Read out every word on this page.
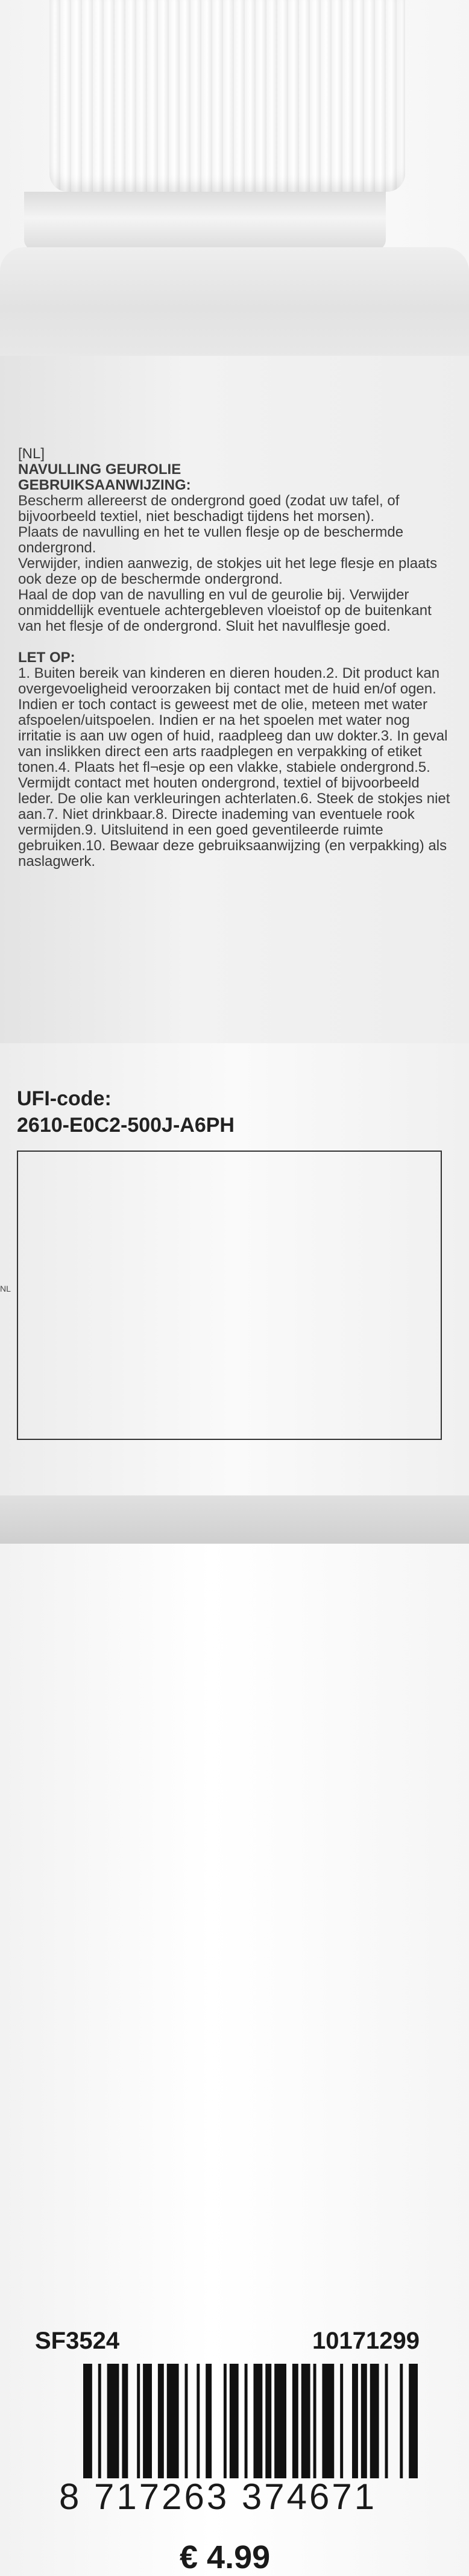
[NL]

NAVULLING GEUROLIE

GEBRUIKSAANWIJZING:

Bescherm allereerst de ondergrond goed (zodat uw tafel, of

bijvoorbeeld textiel, niet beschadigt tijdens het morsen).

Plaats de navulling en het te vullen flesje op de beschermde

ondergrond.

Verwijder, indien aanwezig, de stokjes uit het lege flesje en plaats

ook deze op de beschermde ondergrond.

Haal de dop van de navulling en vul de geurolie bij. Verwijder

onmiddellijk eventuele achtergebleven vloeistof op de buitenkant

van het flesje of de ondergrond. Sluit het navulflesje goed.

LET OP:

1. Buiten bereik van kinderen en dieren houden.2. Dit product kan

overgevoeligheid veroorzaken bij contact met de huid en/of ogen.

Indien er toch contact is geweest met de olie, meteen met water

afspoelen/uitspoelen. Indien er na het spoelen met water nog

irritatie is aan uw ogen of huid, raadpleeg dan uw dokter.3. In geval

van inslikken direct een arts raadplegen en verpakking of etiket

tonen.4. Plaats het fl¬esje op een vlakke, stabiele ondergrond.5.

Vermijdt contact met houten ondergrond, textiel of bijvoorbeeld

leder. De olie kan verkleuringen achterlaten.6. Steek de stokjes niet

aan.7. Niet drinkbaar.8. Directe inademing van eventuele rook

vermijden.9. Uitsluitend in een goed geventileerde ruimte

gebruiken.10. Bewaar deze gebruiksaanwijzing (en verpakking) als

naslagwerk.

UFI-code:
2610-E0C2-500J-A6PH
SF3524	10171299
8 717263 374671
€ 4.99
NL
